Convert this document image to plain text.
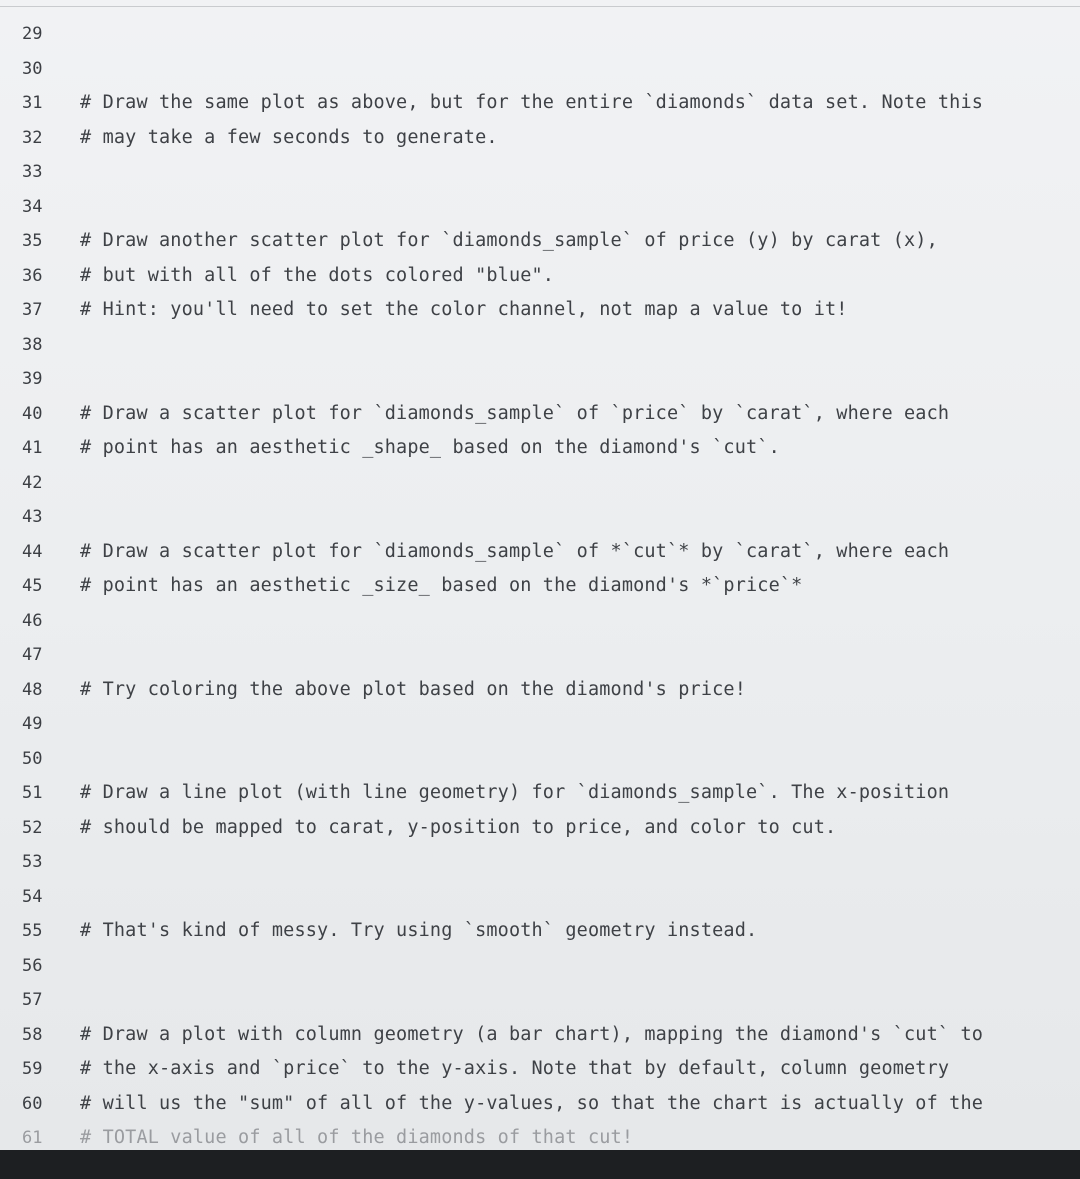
29
30
31	# Draw the same plot as above, but for the entire `diamonds` data set. Note this
32	# may take a few seconds to generate.
33
34
35	# Draw another scatter plot for `diamonds_sample` of price (y) by carat (x),
36	# but with all of the dots colored "blue".
37	# Hint: you'll need to set the color channel, not map a value to it!
38
39
40	# Draw a scatter plot for `diamonds_sample` of `price` by `carat`, where each
41	# point has an aesthetic _shape_ based on the diamond's `cut`.
42
43
44	# Draw a scatter plot for `diamonds_sample` of *`cut`* by `carat`, where each
45	# point has an aesthetic _size_ based on the diamond's *`price`*
46
47
48	# Try coloring the above plot based on the diamond's price!
49
50
51	# Draw a line plot (with line geometry) for `diamonds_sample`. The x-position
52	# should be mapped to carat, y-position to price, and color to cut.
53
54
55	# That's kind of messy. Try using `smooth` geometry instead.
56
57
58	# Draw a plot with column geometry (a bar chart), mapping the diamond's `cut` to
59	# the x-axis and `price` to the y-axis. Note that by default, column geometry
60	# will us the "sum" of all of the y-values, so that the chart is actually of the
61	# TOTAL value of all of the diamonds of that cut!
